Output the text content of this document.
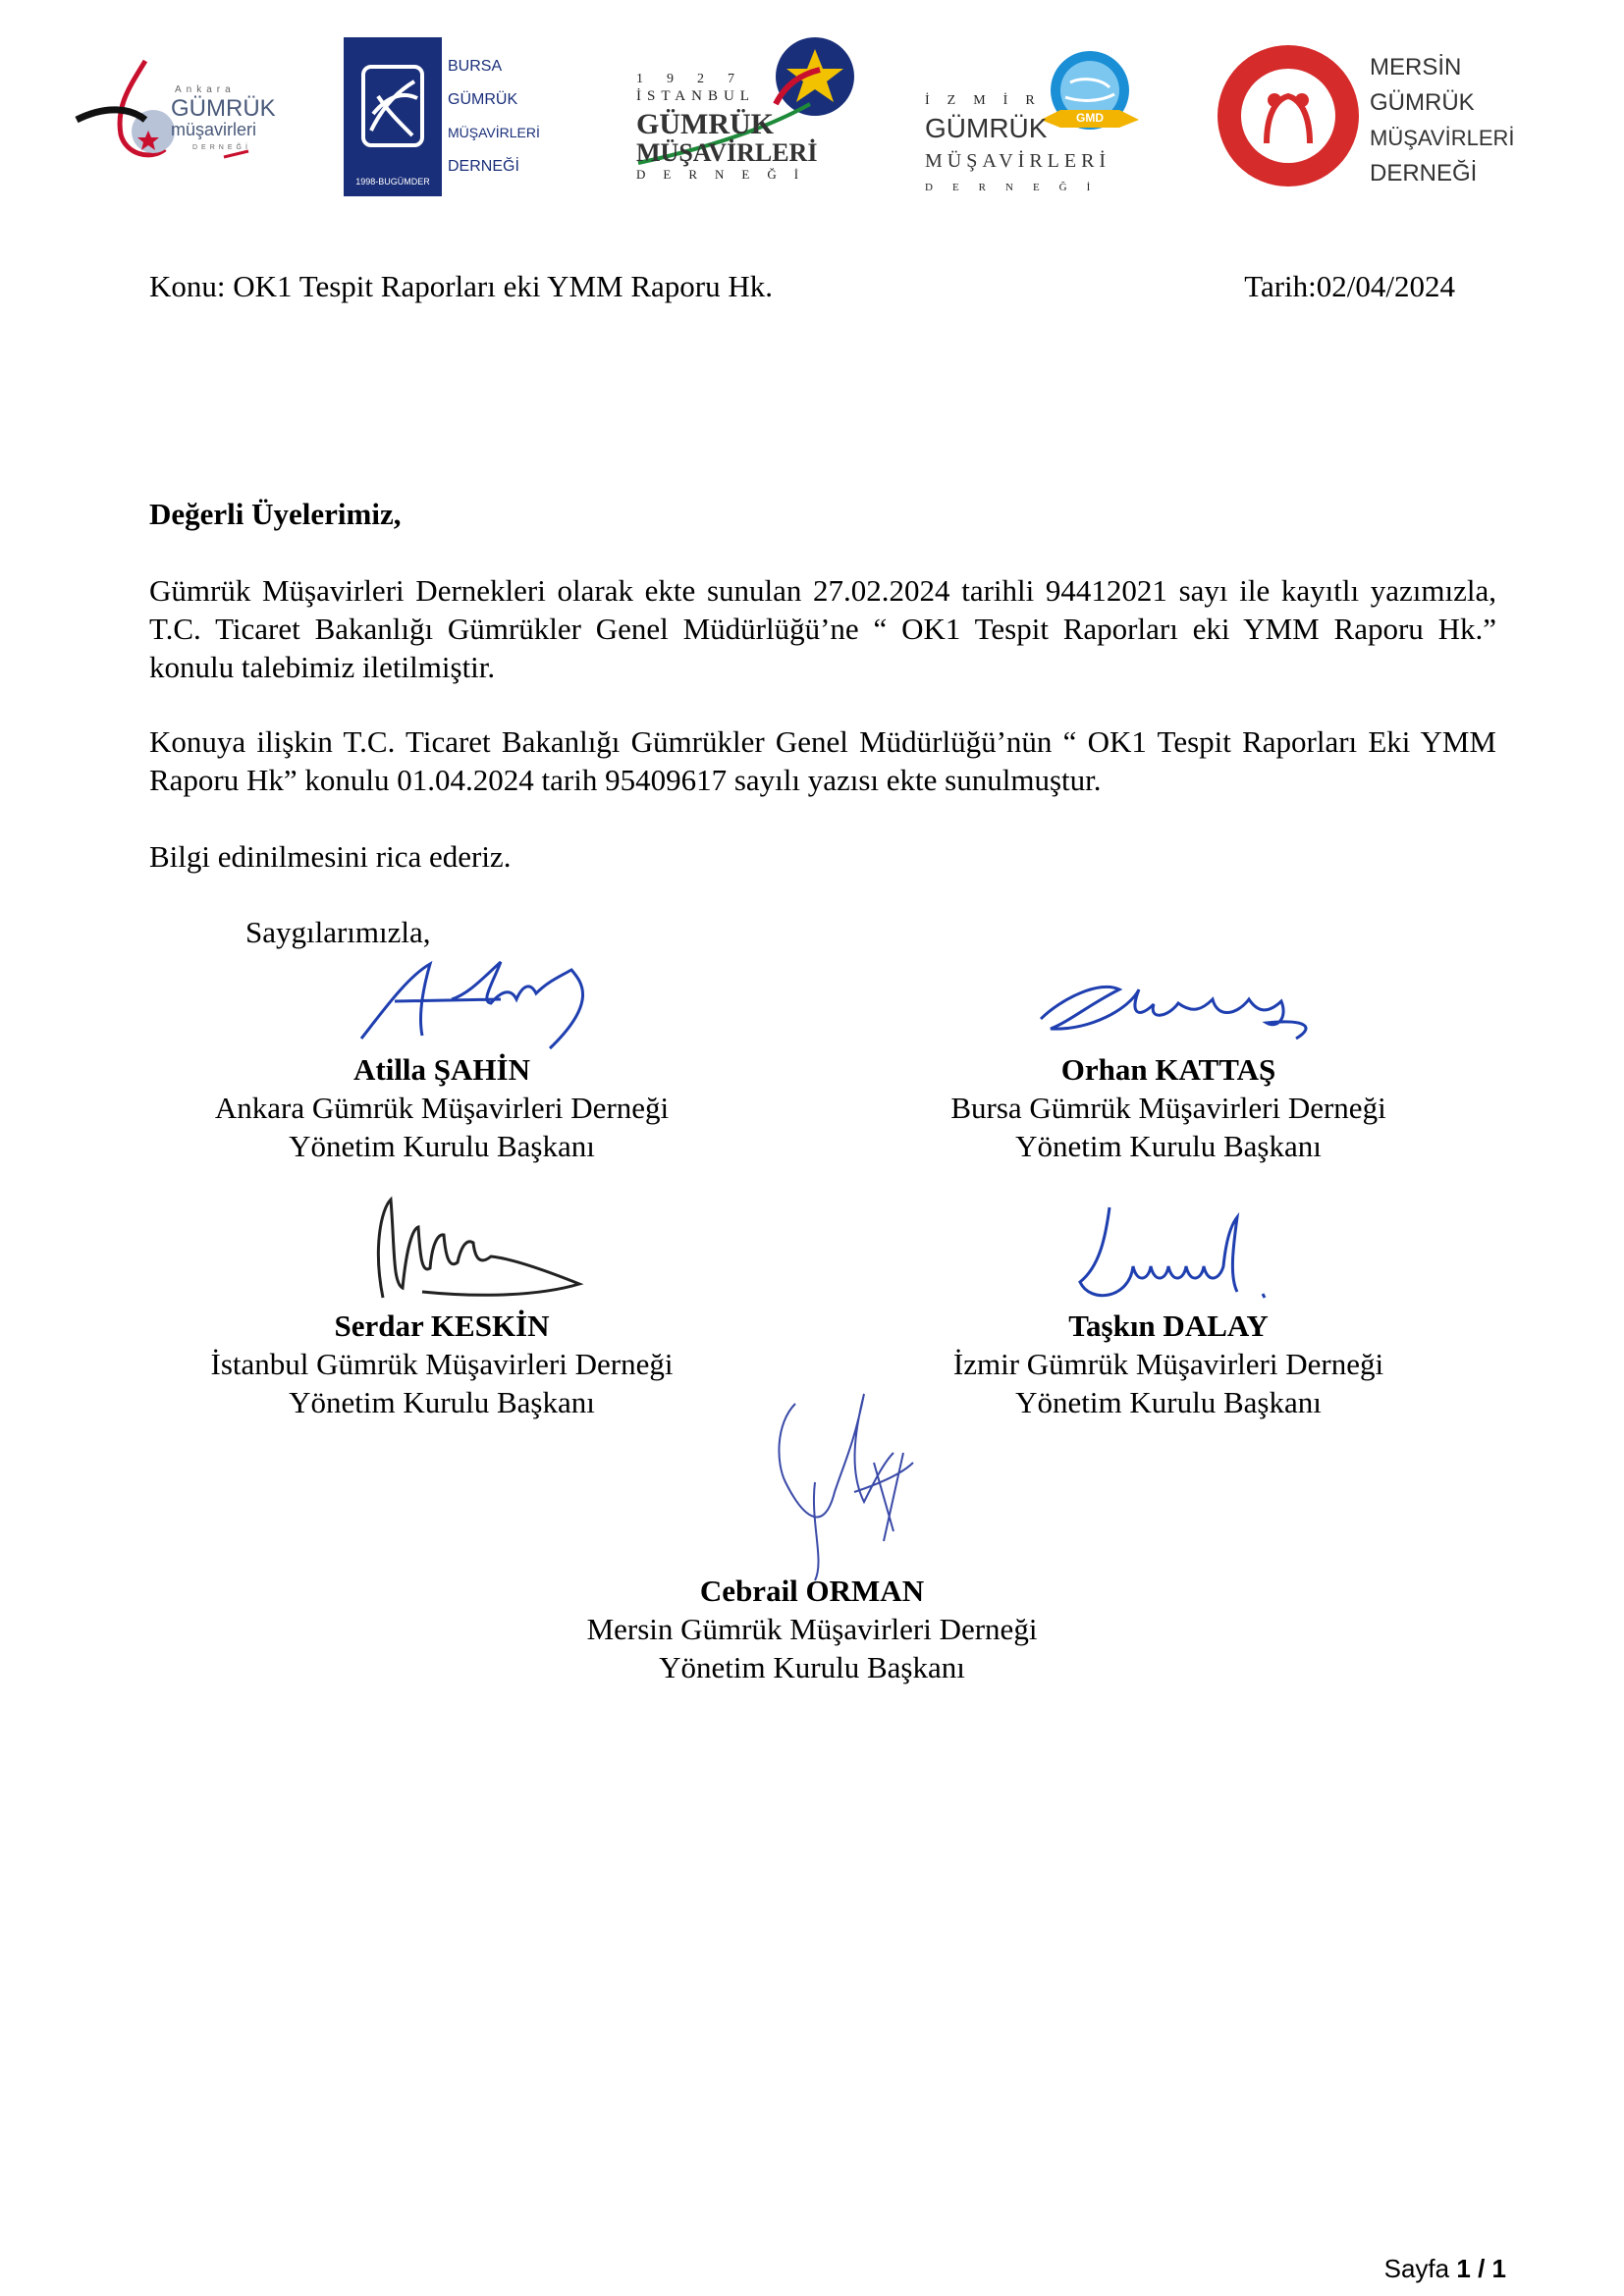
Ankara
GÜMRÜK
müşavirleri
DERNEĞİ
1998-BUGÜMDER
BURSA
GÜMRÜK
MÜŞAVİRLERİ
DERNEĞİ
1927
İSTANBUL
GÜMRÜK
MÜŞAVİRLERİ
DERNEĞİ
GMD
İZMİR
GÜMRÜK
MÜŞAVİRLERİ
DERNEĞİ
MERSİN
GÜMRÜK
MÜŞAVİRLERİ
DERNEĞİ
Konu: OK1 Tespit Raporları eki YMM Raporu Hk.	Tarih:02/04/2024
Değerli Üyelerimiz,
Gümrük Müşavirleri Dernekleri olarak ekte sunulan 27.02.2024 tarihli 94412021 sayı ile kayıtlı yazımızla, T.C. Ticaret Bakanlığı Gümrükler Genel Müdürlüğü’ne “ OK1 Tespit Raporları eki YMM Raporu Hk.” konulu talebimiz iletilmiştir.
Konuya ilişkin T.C. Ticaret Bakanlığı Gümrükler Genel Müdürlüğü’nün “ OK1 Tespit Raporları Eki YMM Raporu Hk” konulu 01.04.2024 tarih 95409617 sayılı yazısı ekte sunulmuştur.
Bilgi edinilmesini rica ederiz.
Saygılarımızla,
Atilla ŞAHİN
Ankara Gümrük Müşavirleri Derneği
Yönetim Kurulu Başkanı
Orhan KATTAŞ
Bursa Gümrük Müşavirleri Derneği
Yönetim Kurulu Başkanı
Serdar KESKİN
İstanbul Gümrük Müşavirleri Derneği
Yönetim Kurulu Başkanı
Taşkın DALAY
İzmir Gümrük Müşavirleri Derneği
Yönetim Kurulu Başkanı
Cebrail ORMAN
Mersin Gümrük Müşavirleri Derneği
Yönetim Kurulu Başkanı
Sayfa 1 / 1
